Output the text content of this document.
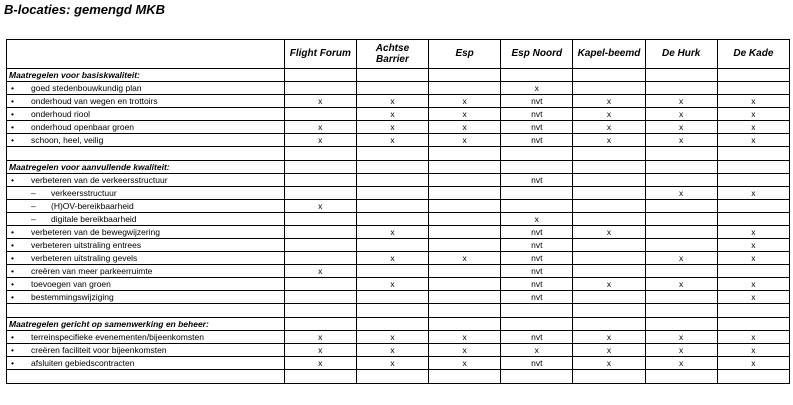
B-locaties: gemengd MKB
	Flight Forum	Achtse Barrier	Esp	Esp Noord	Kapel-beemd	De Hurk	De Kade
Maatregelen voor basiskwaliteit:							
• goed stedenbouwkundig plan				x			
• onderhoud van wegen en trottoirs	x	x	x	nvt	x	x	x
• onderhoud riool		x	x	nvt	x	x	x
• onderhoud openbaar groen	x	x	x	nvt	x	x	x
• schoon, heel, veilig	x	x	x	nvt	x	x	x

Maatregelen voor aanvullende kwaliteit:							
• verbeteren van de verkeersstructuur				nvt			
– verkeersstructuur						x	x
– (H)OV-bereikbaarheid	x						
– digitale bereikbaarheid				x			
• verbeteren van de bewegwijzering		x		nvt	x		x
• verbeteren uitstraling entrees				nvt			x
• verbeteren uitstraling gevels		x	x	nvt		x	x
• creëren van meer parkeerruimte	x			nvt			
• toevoegen van groen		x		nvt	x	x	x
• bestemmingswijziging				nvt			x

Maatregelen gericht op samenwerking en beheer:							
• terreinspecifieke evenementen/bijeenkomsten	x	x	x	nvt	x	x	x
• creëren faciliteit voor bijeenkomsten	x	x	x	x	x	x	x
• afsluiten gebiedscontracten	x	x	x	nvt	x	x	x
